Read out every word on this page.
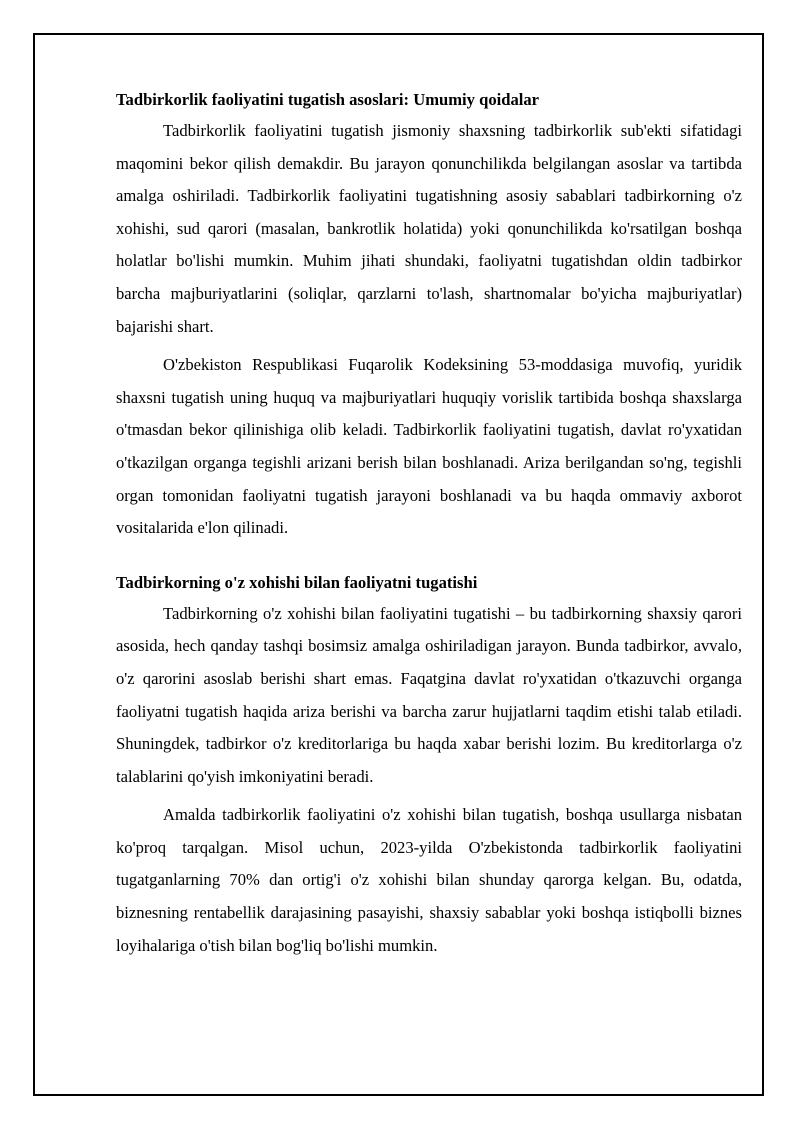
Tadbirkorlik faoliyatini tugatish asoslari: Umumiy qoidalar

Tadbirkorlik faoliyatini tugatish jismoniy shaxsning tadbirkorlik sub'ekti sifatidagi maqomini bekor qilish demakdir. Bu jarayon qonunchilikda belgilangan asoslar va tartibda amalga oshiriladi. Tadbirkorlik faoliyatini tugatishning asosiy sabablari tadbirkorning o'z xohishi, sud qarori (masalan, bankrotlik holatida) yoki qonunchilikda ko'rsatilgan boshqa holatlar bo'lishi mumkin. Muhim jihati shundaki, faoliyatni tugatishdan oldin tadbirkor barcha majburiyatlarini (soliqlar, qarzlarni to'lash, shartnomalar bo'yicha majburiyatlar) bajarishi shart.

O'zbekiston Respublikasi Fuqarolik Kodeksining 53-moddasiga muvofiq, yuridik shaxsni tugatish uning huquq va majburiyatlari huquqiy vorislik tartibida boshqa shaxslarga o'tmasdan bekor qilinishiga olib keladi. Tadbirkorlik faoliyatini tugatish, davlat ro'yxatidan o'tkazilgan organga tegishli arizani berish bilan boshlanadi. Ariza berilgandan so'ng, tegishli organ tomonidan faoliyatni tugatish jarayoni boshlanadi va bu haqda ommaviy axborot vositalarida e'lon qilinadi.

Tadbirkorning o'z xohishi bilan faoliyatni tugatishi

Tadbirkorning o'z xohishi bilan faoliyatini tugatishi – bu tadbirkorning shaxsiy qarori asosida, hech qanday tashqi bosimsiz amalga oshiriladigan jarayon. Bunda tadbirkor, avvalo, o'z qarorini asoslab berishi shart emas. Faqatgina davlat ro'yxatidan o'tkazuvchi organga faoliyatni tugatish haqida ariza berishi va barcha zarur hujjatlarni taqdim etishi talab etiladi. Shuningdek, tadbirkor o'z kreditorlariga bu haqda xabar berishi lozim. Bu kreditorlarga o'z talablarini qo'yish imkoniyatini beradi.

Amalda tadbirkorlik faoliyatini o'z xohishi bilan tugatish, boshqa usullarga nisbatan ko'proq tarqalgan. Misol uchun, 2023-yilda O'zbekistonda tadbirkorlik faoliyatini tugatganlarning 70% dan ortig'i o'z xohishi bilan shunday qarorga kelgan. Bu, odatda, biznesning rentabellik darajasining pasayishi, shaxsiy sabablar yoki boshqa istiqbolli biznes loyihalariga o'tish bilan bog'liq bo'lishi mumkin.
